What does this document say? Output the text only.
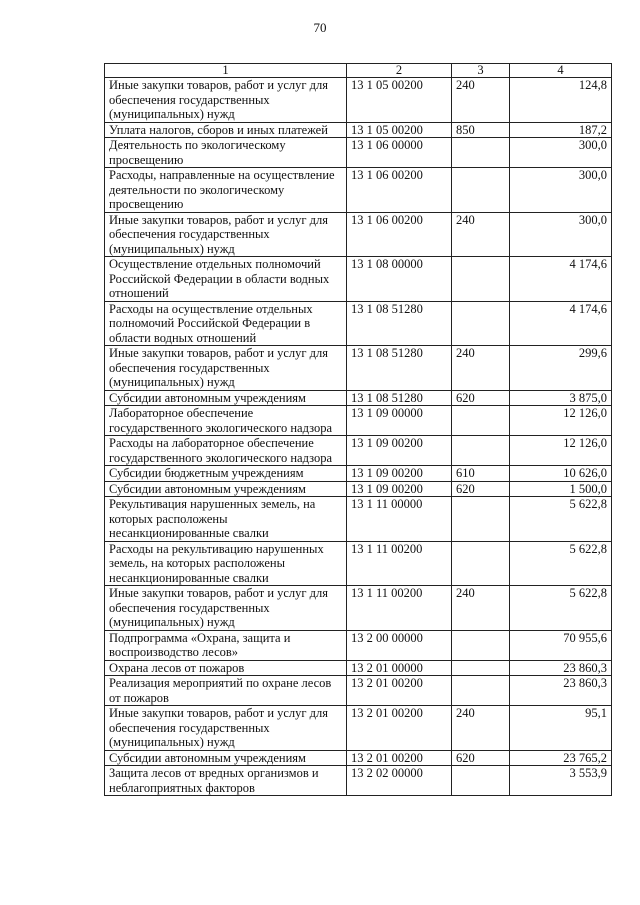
70
1	2	3	4
Иные закупки товаров, работ и услуг для обеспечения государственных (муниципальных) нужд	13 1 05 00200	240	124,8
Уплата налогов, сборов и иных платежей	13 1 05 00200	850	187,2
Деятельность по экологическому просвещению	13 1 06 00000		300,0
Расходы, направленные на осуществление деятельности по экологическому просвещению	13 1 06 00200		300,0
Иные закупки товаров, работ и услуг для обеспечения государственных (муниципальных) нужд	13 1 06 00200	240	300,0
Осуществление отдельных полномочий Российской Федерации в области водных отношений	13 1 08 00000		4 174,6
Расходы на осуществление отдельных полномочий Российской Федерации в области водных отношений	13 1 08 51280		4 174,6
Иные закупки товаров, работ и услуг для обеспечения государственных (муниципальных) нужд	13 1 08 51280	240	299,6
Субсидии автономным учреждениям	13 1 08 51280	620	3 875,0
Лабораторное обеспечение государственного экологического надзора	13 1 09 00000		12 126,0
Расходы на лабораторное обеспечение государственного экологического надзора	13 1 09 00200		12 126,0
Субсидии бюджетным учреждениям	13 1 09 00200	610	10 626,0
Субсидии автономным учреждениям	13 1 09 00200	620	1 500,0
Рекультивация нарушенных земель, на которых расположены несанкционированные свалки	13 1 11 00000		5 622,8
Расходы на рекультивацию нарушенных земель, на которых расположены несанкционированные свалки	13 1 11 00200		5 622,8
Иные закупки товаров, работ и услуг для обеспечения государственных (муниципальных) нужд	13 1 11 00200	240	5 622,8
Подпрограмма «Охрана, защита и воспроизводство лесов»	13 2 00 00000		70 955,6
Охрана лесов от пожаров	13 2 01 00000		23 860,3
Реализация мероприятий по охране лесов от пожаров	13 2 01 00200		23 860,3
Иные закупки товаров, работ и услуг для обеспечения государственных (муниципальных) нужд	13 2 01 00200	240	95,1
Субсидии автономным учреждениям	13 2 01 00200	620	23 765,2
Защита лесов от вредных организмов и неблагоприятных факторов	13 2 02 00000		3 553,9
